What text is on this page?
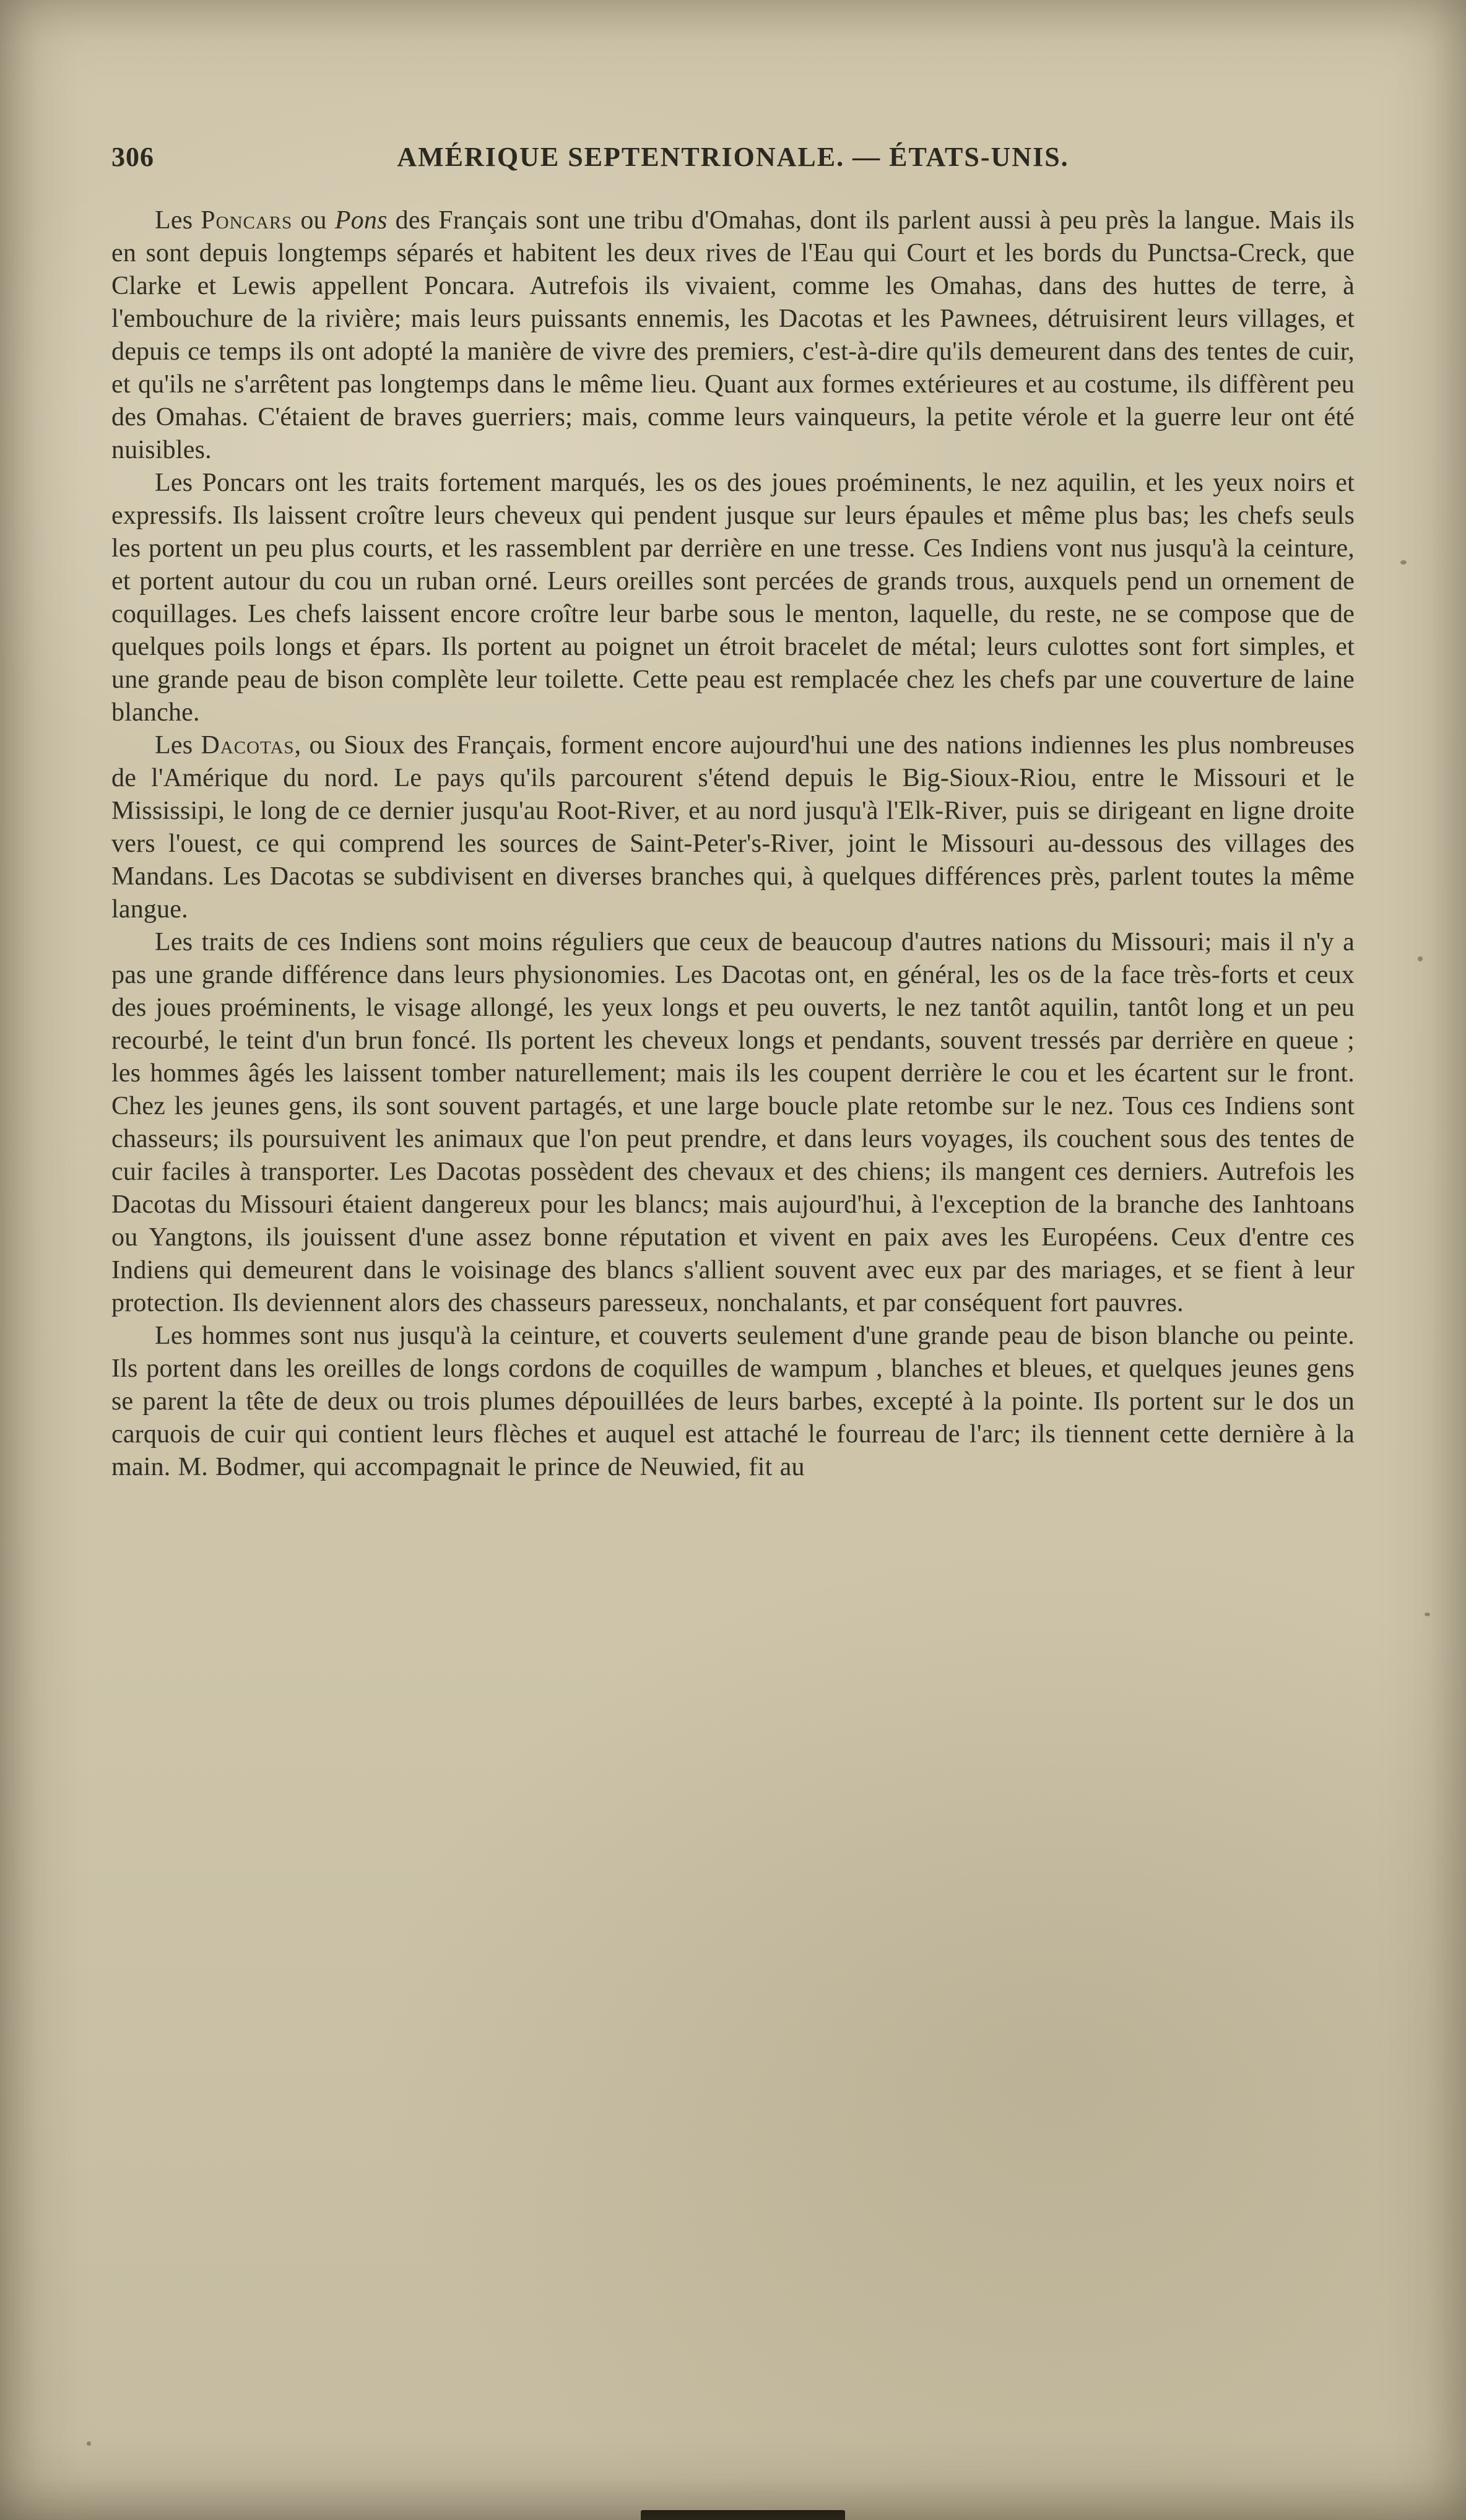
306	AMÉRIQUE SEPTENTRIONALE. — ÉTATS-UNIS.

Les Poncars ou Pons des Français sont une tribu d'Omahas, dont ils parlent aussi à peu près la langue. Mais ils en sont depuis longtemps séparés et habitent les deux rives de l'Eau qui Court et les bords du Punctsa-Creck, que Clarke et Lewis appellent Poncara. Autrefois ils vivaient, comme les Omahas, dans des huttes de terre, à l'embouchure de la rivière; mais leurs puissants ennemis, les Dacotas et les Pawnees, détruisirent leurs villages, et depuis ce temps ils ont adopté la manière de vivre des premiers, c'est-à-dire qu'ils demeurent dans des tentes de cuir, et qu'ils ne s'arrêtent pas longtemps dans le même lieu. Quant aux formes extérieures et au costume, ils diffèrent peu des Omahas. C'étaient de braves guerriers; mais, comme leurs vainqueurs, la petite vérole et la guerre leur ont été nuisibles.

Les Poncars ont les traits fortement marqués, les os des joues proéminents, le nez aquilin, et les yeux noirs et expressifs. Ils laissent croître leurs cheveux qui pendent jusque sur leurs épaules et même plus bas; les chefs seuls les portent un peu plus courts, et les rassemblent par derrière en une tresse. Ces Indiens vont nus jusqu'à la ceinture, et portent autour du cou un ruban orné. Leurs oreilles sont percées de grands trous, auxquels pend un ornement de coquillages. Les chefs laissent encore croître leur barbe sous le menton, laquelle, du reste, ne se compose que de quelques poils longs et épars. Ils portent au poignet un étroit bracelet de métal; leurs culottes sont fort simples, et une grande peau de bison complète leur toilette. Cette peau est remplacée chez les chefs par une couverture de laine blanche.

Les Dacotas, ou Sioux des Français, forment encore aujourd'hui une des nations indiennes les plus nombreuses de l'Amérique du nord. Le pays qu'ils parcourent s'étend depuis le Big-Sioux-Riou, entre le Missouri et le Mississipi, le long de ce dernier jusqu'au Root-River, et au nord jusqu'à l'Elk-River, puis se dirigeant en ligne droite vers l'ouest, ce qui comprend les sources de Saint-Peter's-River, joint le Missouri au-dessous des villages des Mandans. Les Dacotas se subdivisent en diverses branches qui, à quelques différences près, parlent toutes la même langue.

Les traits de ces Indiens sont moins réguliers que ceux de beaucoup d'autres nations du Missouri; mais il n'y a pas une grande différence dans leurs physionomies. Les Dacotas ont, en général, les os de la face très-forts et ceux des joues proéminents, le visage allongé, les yeux longs et peu ouverts, le nez tantôt aquilin, tantôt long et un peu recourbé, le teint d'un brun foncé. Ils portent les cheveux longs et pendants, souvent tressés par derrière en queue ; les hommes âgés les laissent tomber naturellement; mais ils les coupent derrière le cou et les écartent sur le front. Chez les jeunes gens, ils sont souvent partagés, et une large boucle plate retombe sur le nez. Tous ces Indiens sont chasseurs; ils poursuivent les animaux que l'on peut prendre, et dans leurs voyages, ils couchent sous des tentes de cuir faciles à transporter. Les Dacotas possèdent des chevaux et des chiens; ils mangent ces derniers. Autrefois les Dacotas du Missouri étaient dangereux pour les blancs; mais aujourd'hui, à l'exception de la branche des Ianhtoans ou Yangtons, ils jouissent d'une assez bonne réputation et vivent en paix aves les Européens. Ceux d'entre ces Indiens qui demeurent dans le voisinage des blancs s'allient souvent avec eux par des mariages, et se fient à leur protection. Ils deviennent alors des chasseurs paresseux, nonchalants, et par conséquent fort pauvres.

Les hommes sont nus jusqu'à la ceinture, et couverts seulement d'une grande peau de bison blanche ou peinte. Ils portent dans les oreilles de longs cordons de coquilles de wampum , blanches et bleues, et quelques jeunes gens se parent la tête de deux ou trois plumes dépouillées de leurs barbes, excepté à la pointe. Ils portent sur le dos un carquois de cuir qui contient leurs flèches et auquel est attaché le fourreau de l'arc; ils tiennent cette dernière à la main. M. Bodmer, qui accompagnait le prince de Neuwied, fit au
